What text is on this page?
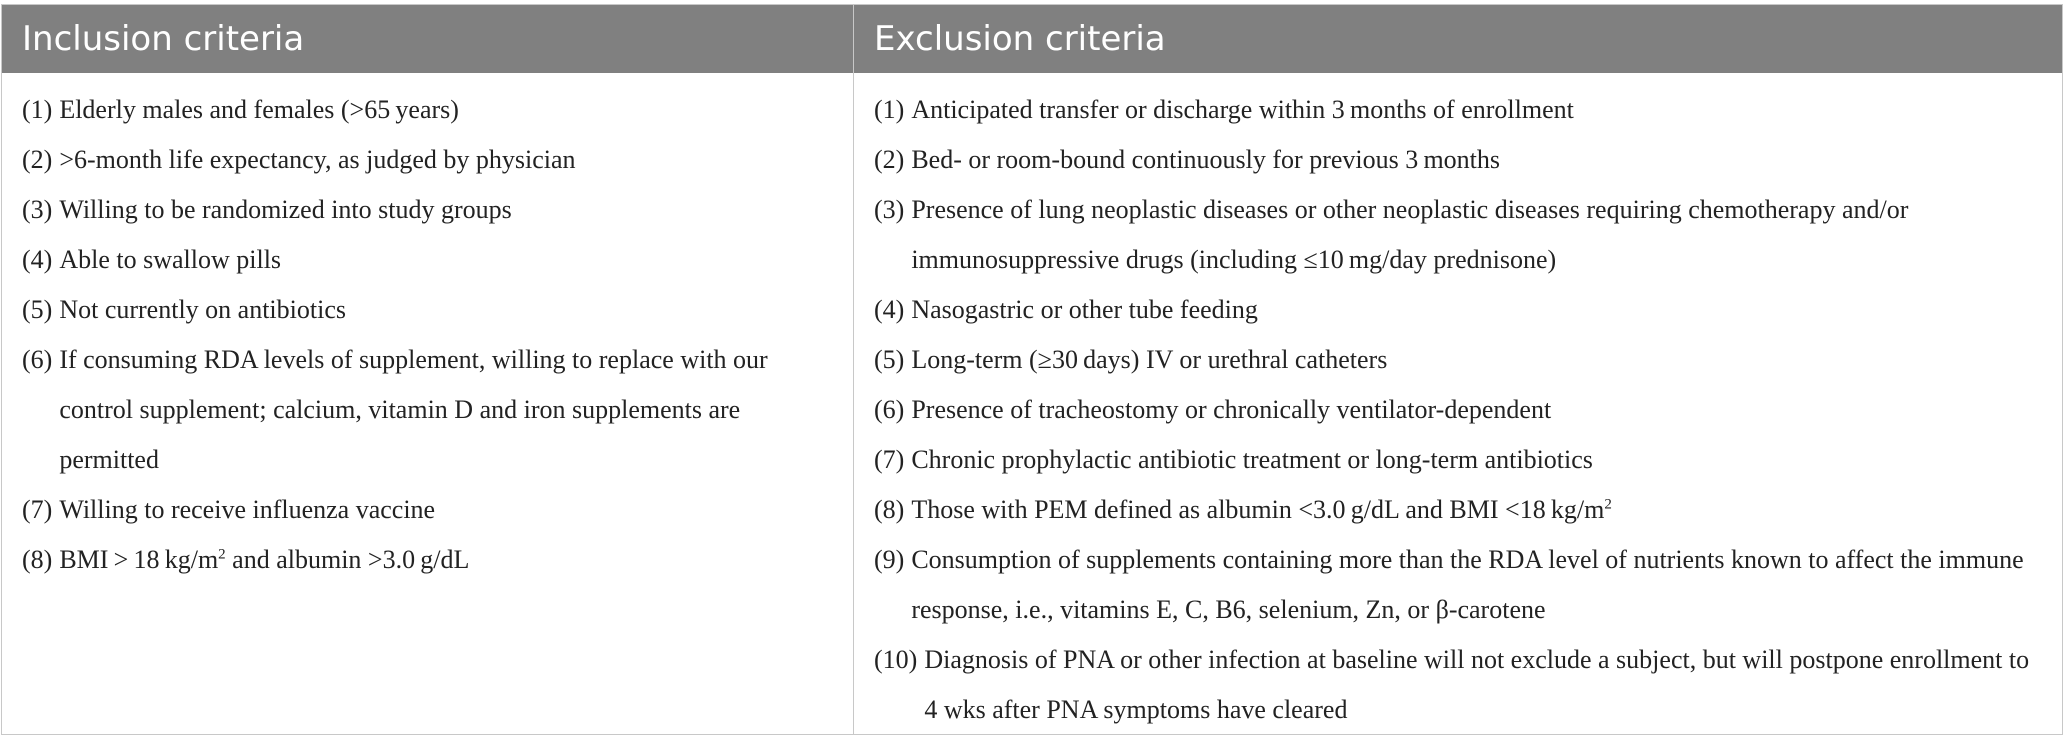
Inclusion criteria	Exclusion criteria
(1) Elderly males and females (>65 years)
(2) >6-month life expectancy, as judged by physician
(3) Willing to be randomized into study groups
(4) Able to swallow pills
(5) Not currently on antibiotics
(6) If consuming RDA levels of supplement, willing to replace with our control supplement; calcium, vitamin D and iron supplements are permitted
(7) Willing to receive influenza vaccine
(8) BMI > 18 $kg/m^2$ and albumin >3.0 g/dL
(1) Anticipated transfer or discharge within 3 months of enrollment
(2) Bed- or room-bound continuously for previous 3 months
(3) Presence of lung neoplastic diseases or other neoplastic diseases requiring chemotherapy and/or immunosuppressive drugs (including ≤10 mg/day prednisone)
(4) Nasogastric or other tube feeding
(5) Long-term (≥30 days) IV or urethral catheters
(6) Presence of tracheostomy or chronically ventilator-dependent
(7) Chronic prophylactic antibiotic treatment or long-term antibiotics
(8) Those with PEM defined as albumin <3.0 g/dL and BMI <18 $kg/m^2$
(9) Consumption of supplements containing more than the RDA level of nutrients known to affect the immune response, i.e., vitamins E, C, B6, selenium, Zn, or β-carotene
(10) Diagnosis of PNA or other infection at baseline will not exclude a subject, but will postpone enrollment to 4 wks after PNA symptoms have cleared
